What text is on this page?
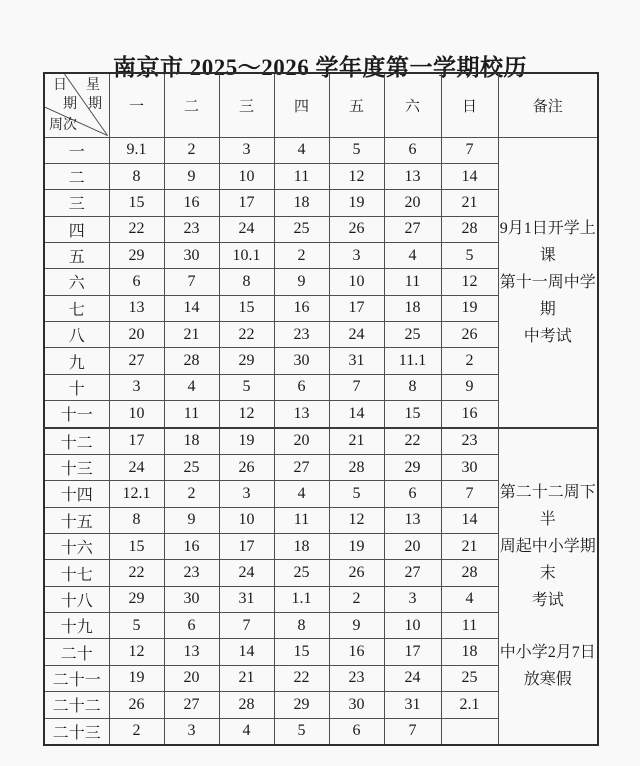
南京市 2025～2026 学年度第一学期校历
日 星
期 期
周次	一	二	三	四	五	六	日	备注
一	9.1	2	3	4	5	6	7	9月1日开学上课
第十一周中学期
中考试

二	8	9	10	11	12	13	14	
三	15	16	17	18	19	20	21	
四	22	23	24	25	26	27	28	
五	29	30	10.1	2	3	4	5	
六	6	7	8	9	10	11	12	
七	13	14	15	16	17	18	19	
八	20	21	22	23	24	25	26	
九	27	28	29	30	31	11.1	2	
十	3	4	5	6	7	8	9	
十一	10	11	12	13	14	15	16	
十二	17	18	19	20	21	22	23	第二十二周下半
周起中小学期末
考试
中小学2月7日
放寒假

十三	24	25	26	27	28	29	30	
十四	12.1	2	3	4	5	6	7	
十五	8	9	10	11	12	13	14	
十六	15	16	17	18	19	20	21	
十七	22	23	24	25	26	27	28	
十八	29	30	31	1.1	2	3	4	
十九	5	6	7	8	9	10	11	
二十	12	13	14	15	16	17	18	
二十一	19	20	21	22	23	24	25	
二十二	26	27	28	29	30	31	2.1	
二十三	2	3	4	5	6	7		
